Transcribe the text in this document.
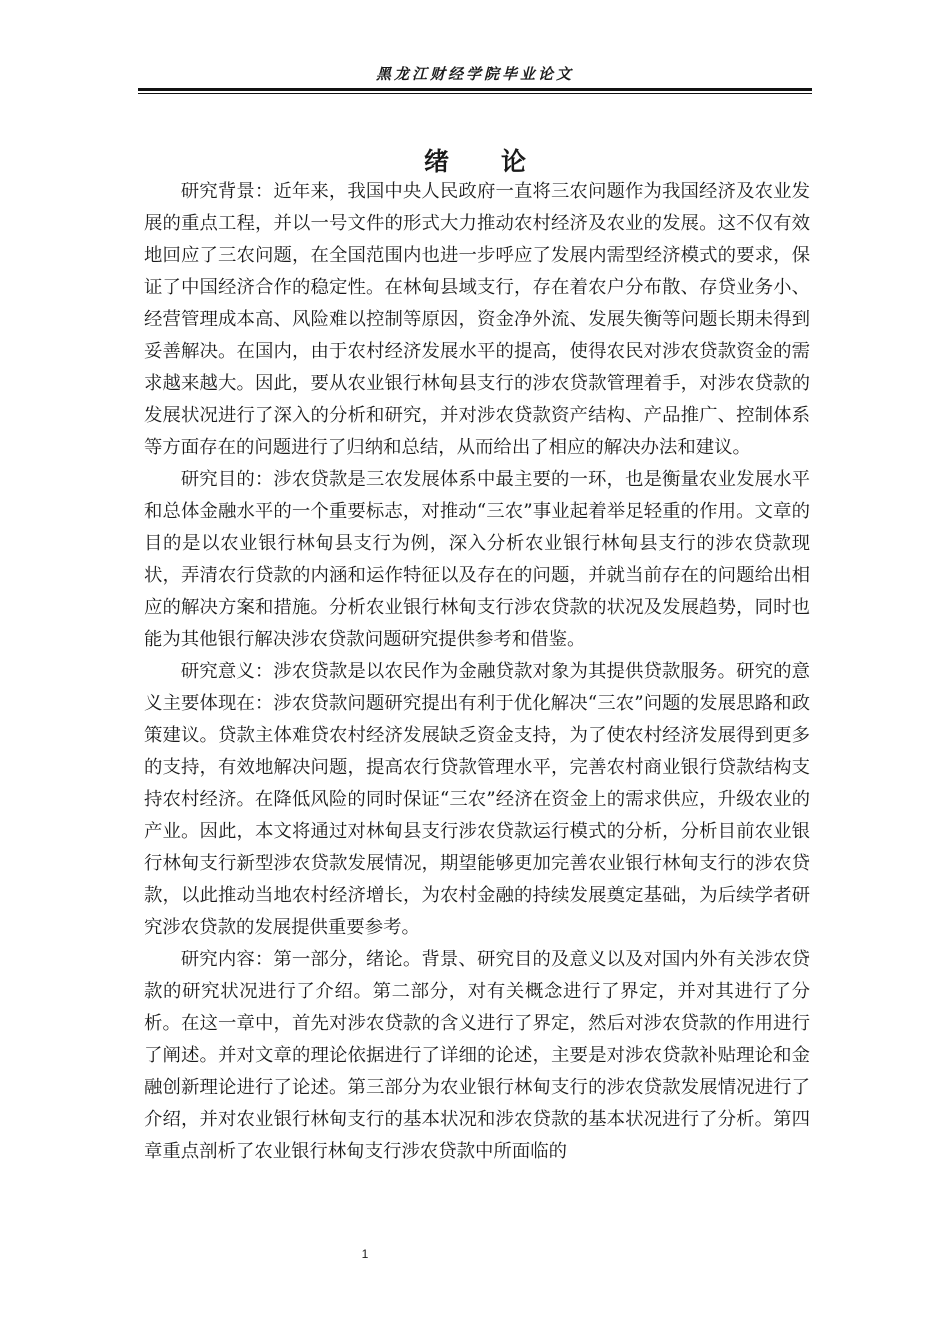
黑龙江财经学院毕业论文
绪论

研究背景：近年来，我国中央人民政府一直将三农问题作为我国经济及农业发展的重点工程，并以一号文件的形式大力推动农村经济及农业的发展。这不仅有效地回应了三农问题，在全国范围内也进一步呼应了发展内需型经济模式的要求，保证了中国经济合作的稳定性。在林甸县域支行，存在着农户分布散、存贷业务小、经营管理成本高、风险难以控制等原因，资金净外流、发展失衡等问题长期未得到妥善解决。在国内，由于农村经济发展水平的提高，使得农民对涉农贷款资金的需求越来越大。因此，要从农业银行林甸县支行的涉农贷款管理着手，对涉农贷款的发展状况进行了深入的分析和研究，并对涉农贷款资产结构、产品推广、控制体系等方面存在的问题进行了归纳和总结，从而给出了相应的解决办法和建议。

研究目的：涉农贷款是三农发展体系中最主要的一环，也是衡量农业发展水平和总体金融水平的一个重要标志，对推动“三农”事业起着举足轻重的作用。文章的目的是以农业银行林甸县支行为例，深入分析农业银行林甸县支行的涉农贷款现状，弄清农行贷款的内涵和运作特征以及存在的问题，并就当前存在的问题给出相应的解决方案和措施。分析农业银行林甸支行涉农贷款的状况及发展趋势，同时也能为其他银行解决涉农贷款问题研究提供参考和借鉴。

研究意义：涉农贷款是以农民作为金融贷款对象为其提供贷款服务。研究的意义主要体现在：涉农贷款问题研究提出有利于优化解决“三农”问题的发展思路和政策建议。贷款主体难贷农村经济发展缺乏资金支持，为了使农村经济发展得到更多的支持，有效地解决问题，提高农行贷款管理水平，完善农村商业银行贷款结构支持农村经济。在降低风险的同时保证“三农”经济在资金上的需求供应，升级农业的产业。因此，本文将通过对林甸县支行涉农贷款运行模式的分析，分析目前农业银行林甸支行新型涉农贷款发展情况，期望能够更加完善农业银行林甸支行的涉农贷款，以此推动当地农村经济增长，为农村金融的持续发展奠定基础，为后续学者研究涉农贷款的发展提供重要参考。

研究内容：第一部分，绪论。背景、研究目的及意义以及对国内外有关涉农贷款的研究状况进行了介绍。第二部分，对有关概念进行了界定，并对其进行了分析。在这一章中，首先对涉农贷款的含义进行了界定，然后对涉农贷款的作用进行了阐述。并对文章的理论依据进行了详细的论述，主要是对涉农贷款补贴理论和金融创新理论进行了论述。第三部分为农业银行林甸支行的涉农贷款发展情况进行了介绍，并对农业银行林甸支行的基本状况和涉农贷款的基本状况进行了分析。第四章重点剖析了农业银行林甸支行涉农贷款中所面临的

1
